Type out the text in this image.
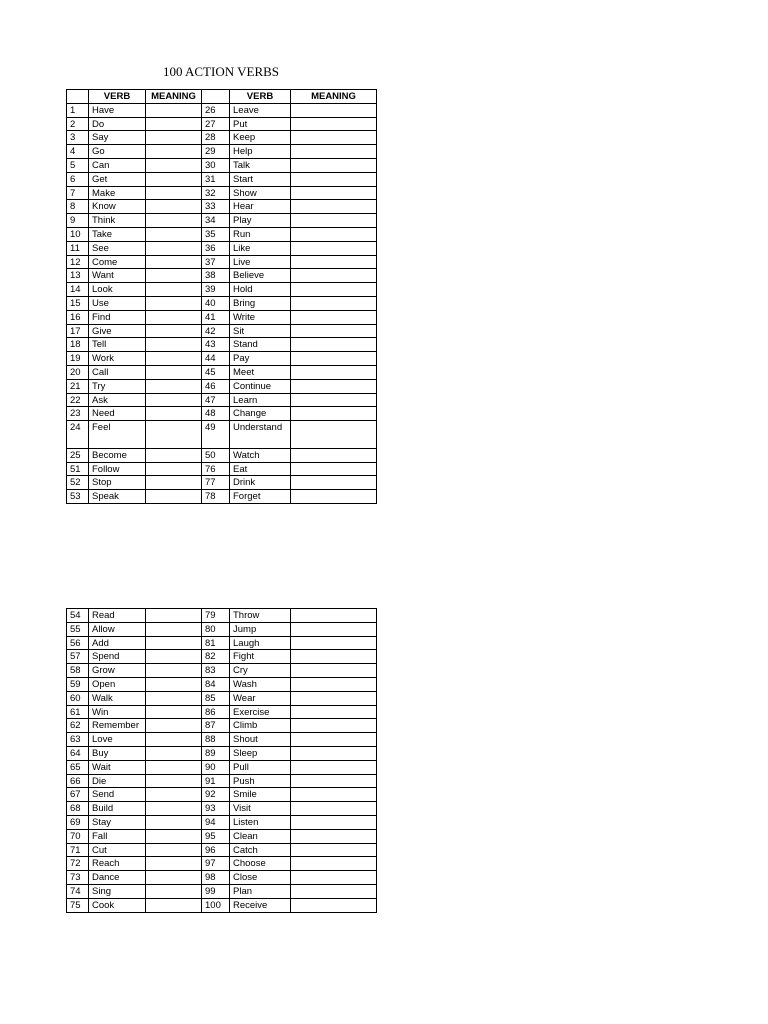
100 ACTION VERBS
	VERB	MEANING		VERB	MEANING
1	Have		26	Leave	
2	Do		27	Put	
3	Say		28	Keep	
4	Go		29	Help	
5	Can		30	Talk	
6	Get		31	Start	
7	Make		32	Show	
8	Know		33	Hear	
9	Think		34	Play	
10	Take		35	Run	
11	See		36	Like	
12	Come		37	Live	
13	Want		38	Believe	
14	Look		39	Hold	
15	Use		40	Bring	
16	Find		41	Write	
17	Give		42	Sit	
18	Tell		43	Stand	
19	Work		44	Pay	
20	Call		45	Meet	
21	Try		46	Continue	
22	Ask		47	Learn	
23	Need		48	Change	
24	Feel		49	Understand	
25	Become		50	Watch	
51	Follow		76	Eat	
52	Stop		77	Drink	
53	Speak		78	Forget	
54	Read		79	Throw	
55	Allow		80	Jump	
56	Add		81	Laugh	
57	Spend		82	Fight	
58	Grow		83	Cry	
59	Open		84	Wash	
60	Walk		85	Wear	
61	Win		86	Exercise	
62	Remember		87	Climb	
63	Love		88	Shout	
64	Buy		89	Sleep	
65	Wait		90	Pull	
66	Die		91	Push	
67	Send		92	Smile	
68	Build		93	Visit	
69	Stay		94	Listen	
70	Fall		95	Clean	
71	Cut		96	Catch	
72	Reach		97	Choose	
73	Dance		98	Close	
74	Sing		99	Plan	
75	Cook		100	Receive	
